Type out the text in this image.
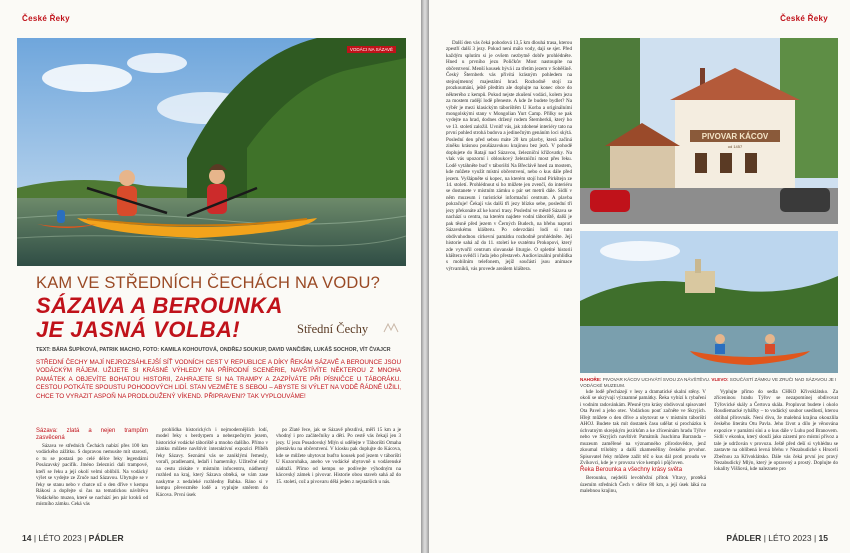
České Řeky
VODÁCI NA SÁZAVĚ
KAM VE STŘEDNÍCH ČECHÁCH NA VODU?
SÁZAVA A BEROUNKA
JE JASNÁ VOLBA!	Střední Čechy
TEXT: BÁRA ŠUPÍKOVÁ, PATRIK MACHO, FOTO: KAMILA KOHOUTOVÁ, ONDŘEJ SOUKUP, DAVID VANČIŠIN, LUKÁŠ SOCHOR, VÍT ČVAJCR
STŘEDNÍ ČECHY MAJÍ NEJROZSÁHLEJŠÍ SÍŤ VODNÍCH CEST V REPUBLICE A DÍKY ŘEKÁM SÁZAVĚ A BEROUNCE JSOU VODÁCKÝM RÁJEM. UŽIJETE SI KRÁSNÉ VÝHLEDY NA PŘÍRODNÍ SCENÉRIE, NAVŠTÍVÍTE NĚKTEROU Z MNOHA PAMÁTEK A OBJEVÍTE BOHATOU HISTORII, ZAHRAJETE SI NA TRAMPY A ZAZPÍVÁTE PŘI PÍSNIČCE U TÁBORÁKU. CESTOU POTKÁTE SPOUSTU POHODOVÝCH LIDÍ. STAN VEZMĚTE S SEBOU – ABYSTE SI VÝLET NA VODĚ ŘÁDNĚ UŽILI, CHCE TO VYRAZIT ASPOŇ NA PRODLOUŽENÝ VÍKEND. PŘIPRAVENI? TAK VYPLOUVÁME!
Sázava: zlatá a nejen trampům zasvěcená

Sázava ve středních Čechách nabízí přes 100 km vodáckého zážitku. S dopravou nemusíte mít starosti, o tu se postará po celé délce řeky legendární Posázavský pacifik. Jméno železnici dali trampové, kteří se řeku a její okolí velmi oblíbili. Na vodácký výlet se vydejte ze Zruče nad Sázavou. Ubytujte se v řeky se stanu nebo v chatce už o den dříve v kempu Rákosí a dopřejte si čas na tematickou návštěvu Vodáckého muzea, které se nachází jen pár kroků od místního zámku. Ceká vás

prohlídka historických i nejmodernějších lodí, model řeky s berdyrpem a nebezpečným jezem, historické vodácké táboriště a mnoho dalšího. Přímo v zámku můžete navštívit interaktivní expozici Příběh řeky Sázavy. Seznámí vás se zaniklými řemesly, voraři, pradlenami, ledaři i hamerníky. Užitečné rady na cestu získáte v místním infocentru, nádherný rozhled na kraj, který Sázava obtéká, se vám zase naskytne z nedaleké rozhledny Babka. Ráno si v kempu převezměte lodě a vyplujte směrem do Kácova. První úsek

po Zlaté řece, jak se Sázavě přezdívá, měří 15 km a je vhodný i pro začátečníky a děti. Po cestě vás čekají jen 3 jezy. U jezu Posadovský Mlýn si udělejte v Táborišti Omaha přestávku na občerstvení. V kiosku pak doplujte do Kácova, kde se můžete ubytovat buďto kousek pod jezem v táborišti U Kozoroháka, anebo ve vodácké ubytovně u vodárenské nádraží. Přímo od kempu se podívejte výhodným na kácovský zámek i pivovar. Historie obou staveb sahá až do 15. století, což a pivovaru dělá jeden z nejstarších u nás.

14 | LÉTO 2023 | PÁDLER
České Řeky

Další den vás čeká pohodová 13,5 km dlouhá trasa, kterou zpestří další 3 jezy. Pokud není málo vody, dají se sjet. Před každým splutím si je ovšem nezbytně dobře prohlédněte. Hned u prvního jezu Poličkův Most nastoupíte na občerstvení. Menší kousek bývá i za třetím jezem v Soběšíně. Český Šternberk vás přivítá krásným pohledem na stejnojmenný majestátní hrad. Rozhodně stojí za prozkoumání, ještě předtím ale doplujte na konec obce do některého z kempů. Pokud nejste zkušení vodáci, kolem jezu za mostem radějí lodě přeneste. A kde že budete bydlet? Na výběr je mezi klasickým táborištěm U Korba a originálními mongolskými stany v Mongolian Yurt Camp. Přilky se pak vydejte na hrad, dodnes držený rodem Šternberků, který ho ve 13. století založil. Uvnitř vás, jak zdobené interiéry tato na první pohled strohá budova a jedinečným genáním loci skýtá. Poslední den před sebou máte 20 km plavby, která začíná ziněku krásnou poušázavskou krajinou bez jezů. V pohodě doplujete do Ratají nad Sázavou, železniční křižovatky. Na vlak vás upozorní i obloukový železniční most přes řeku. Lodě vytáhněte buď v táborišti Na Břeclávě hned za mostem, kde můžete využít místní občerstvení, nebo o kus dále před jezem. Vyšlápněte si kopec, na kterém stojí hrad Pirkštejn ze 14. století. Prohlédnout si ho můžete jen zvenčí, do interiéru se dostanete v místním zámku o pár set metrů dále. Sídlí v něm muzeum i turistické informační centrum. A plavba pokračuje! Čekají vás další tři jezy blízko sebe, poslední tři jezy překonáte až ke konci trasy. Poslední ve městě Sázava se nachází u centra, na kterém najdete vodní táboriště, další je pak těsně před jezem v Černých Budech, na břehu naproti Sázavskému klášteru. Po odevzdání lodí si tuto obdivuhodnou církevní památku rozhodně prohlédněte. Její historie sahá až do 11. století ke svatému Prokopovi, který zde vytvořil centrum slovanské liturgie. O spletité historii kláštera svědčí i řada jeho přestaveb. Audiovizuální prohlídka s mobilním telefonem, jejíž součástí jsou animace výtvarníků, vás provede areálem kláštera.

PIVOVAR KÁCOV
od 1457
NAHOŘE: PIVOVAR KÁCOV UCHVÁTÍ SVOU ZA NÁVŠTĚVU. VLEVO: SOUČÁSTÍ ZÁMKU VE ZRUČI NAD SÁZAVOU JE I VODÁCKÉ MUZEUM.

kde lodě přecházejí v lesy a dramatické skalní stěny. V okolí se ukrývají významné památky. Řeka vybízí k rybaření i vodním radovánkám. Přesně tyto krásy obdivoval spisovatel Ota Pavel a jeho otec. Vodáckou pouť začněte ve Skryjích. Hřejt můžete o den dříve a ubytovat se v místním táborišti AHOJ. Budete tak mít dostatek času udělat si procházku k úchvatným skrejským jezírkům a ke zříceninám hradu Týřov nebo ve Skryjích navštívit Památník Joachima Barranda – muzeum zaměřené na významného přírodovědce, jenž zkoumal trilobity a další zkameněliny českého prvohor. Spisovatel řeky můžete zažít též o kus dál proti proudu ve Zvíkovci, kde je v provozu více kempů i půjčoven.

Řeka Berounka a všechny krásy světa

Berounku, nejdelší levobřežní přítok Vltavy, protéká územím středních Čech v délce 80 km, a její úsek láká na malebnou krajinu,

Vyplujte přímo do sedla CHKO Křivoklátsko. Za zříceninou hradu Týřov se nezapomínej obdivovat Týřovické skály a Čertova skála. Propluvat budete i okolo Roudíemacké rybářky – to vodácký soubor usedlostí, kterou oblíbal přírovnák. Není divu, že malebná krajina okouzlila českého literátu Otu Pavla. Jeho život a dílo je věnována expozice v památní síni a o kus dále v Luhu pod Branovem. Sídlí v ekonku, který slouží jako zázemí pro místní přívoz a tale je udržován v provozu. Ještě před deší si vyhlédnu se zastavte na oblíbená levná břehu v Nezabudické s Hrsovlí Zbečnou za Křivoklátsko. Dále vás čeká první jez pravý Nezabudický Mlýn, který je opravený a prostý. Doplujte do lokality Višňová, kde naleznete pro

PÁDLER | LÉTO 2023 | 15
